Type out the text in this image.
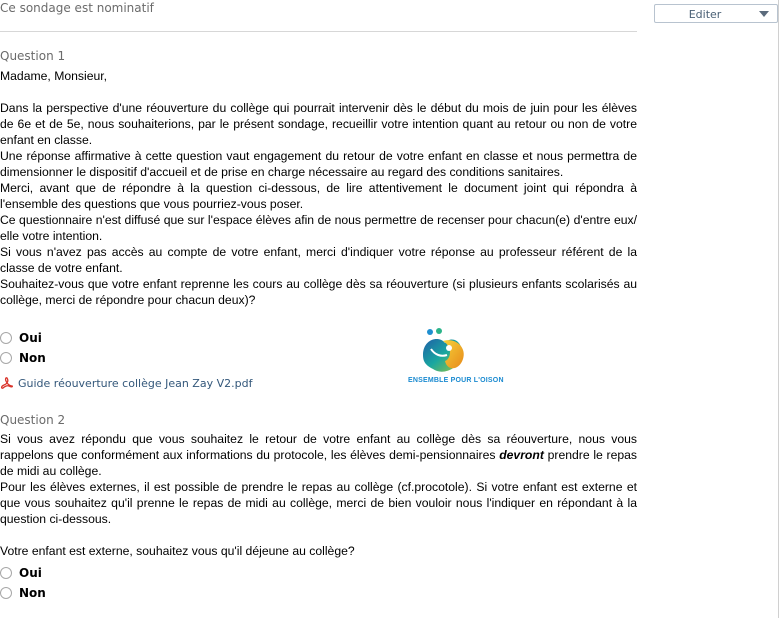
Ce sondage est nominatif
Question 1

Madame, Monsieur,

Dans la perspective d'une réouverture du collège qui pourrait intervenir dès le début du mois de juin pour les élèves de 6e et de 5e, nous souhaiterions, par le présent sondage, recueillir votre intention quant au retour ou non de votre enfant en classe.

Une réponse affirmative à cette question vaut engagement du retour de votre enfant en classe et nous permettra de dimensionner le dispositif d'accueil et de prise en charge nécessaire au regard des conditions sanitaires.

Merci, avant que de répondre à la question ci-dessous, de lire attentivement le document joint qui répondra à l'ensemble des questions que vous pourriez-vous poser.

Ce questionnaire n'est diffusé que sur l'espace élèves afin de nous permettre de recenser pour chacun(e) d'entre eux/ elle votre intention.

Si vous n'avez pas accès au compte de votre enfant, merci d'indiquer votre réponse au professeur référent de la classe de votre enfant.

Souhaitez-vous que votre enfant reprenne les cours au collège dès sa réouverture (si plusieurs enfants scolarisés au collège, merci de répondre pour chacun deux)?

Oui
Non
Guide réouverture collège Jean Zay V2.pdf	ENSEMBLE POUR L'OISON
Question 2

Si vous avez répondu que vous souhaitez le retour de votre enfant au collège dès sa réouverture, nous vous rappelons que conformément aux informations du protocole, les élèves demi-pensionnaires devront prendre le repas de midi au collège.

Pour les élèves externes, il est possible de prendre le repas au collège (cf.procotole). Si votre enfant est externe et que vous souhaitez qu'il prenne le repas de midi au collège, merci de bien vouloir nous l'indiquer en répondant à la question ci-dessous.

Votre enfant est externe, souhaitez vous qu'il déjeune au collège?

Oui
Non
Editer
